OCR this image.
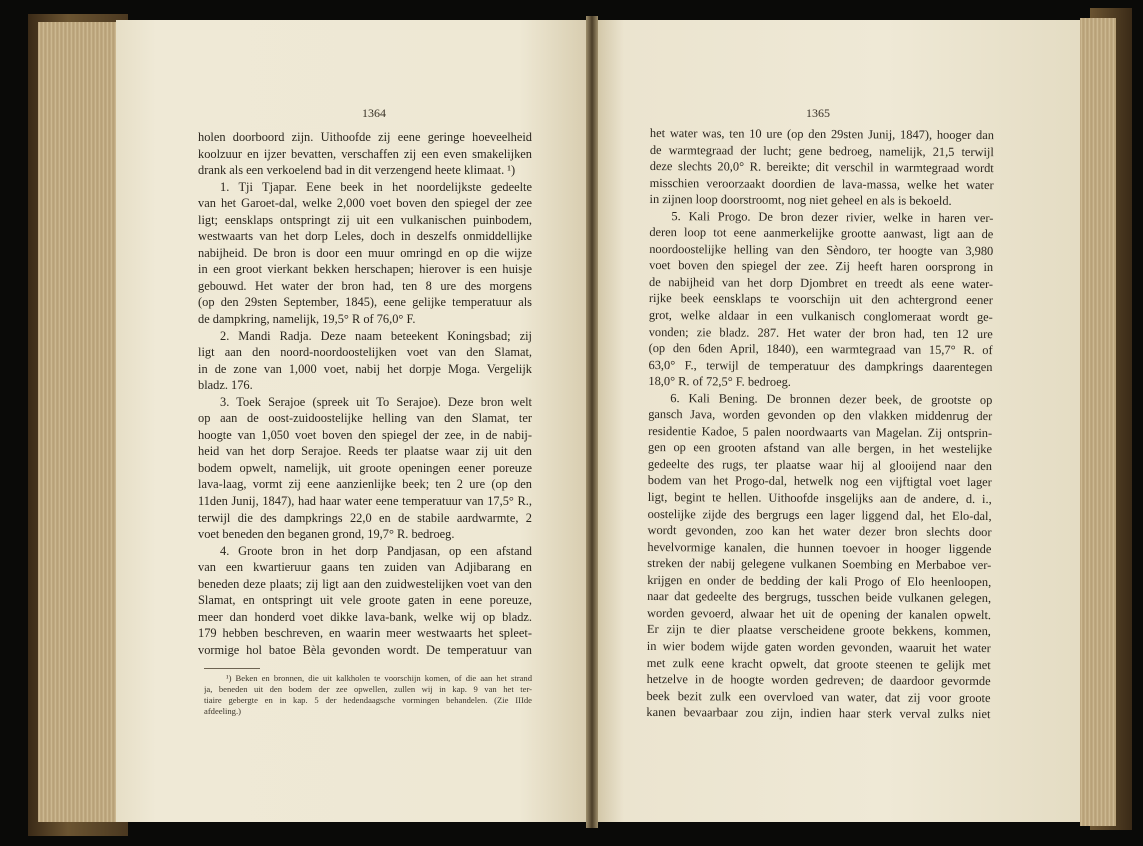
1364	1365

holen doorboord zijn. Uithoofde zij eene geringe hoeveelheid

koolzuur en ijzer bevatten, verschaffen zij een even smakelijken

drank als een verkoelend bad in dit verzengend heete klimaat. ¹)

1. Tji Tjapar. Eene beek in het noordelijkste gedeelte

van het Garoet-dal, welke 2,000 voet boven den spiegel der zee

ligt; eensklaps ontspringt zij uit een vulkanischen puinbodem,

westwaarts van het dorp Leles, doch in deszelfs onmiddellijke

nabijheid. De bron is door een muur omringd en op die wijze

in een groot vierkant bekken herschapen; hierover is een huisje

gebouwd. Het water der bron had, ten 8 ure des morgens

(op den 29sten September, 1845), eene gelijke temperatuur als

de dampkring, namelijk, 19,5° R of 76,0° F.

2. Mandi Radja. Deze naam beteekent Koningsbad; zij

ligt aan den noord-noordoostelijken voet van den Slamat,

in de zone van 1,000 voet, nabij het dorpje Moga. Vergelijk

bladz. 176.

3. Toek Serajoe (spreek uit To Serajoe). Deze bron welt

op aan de oost-zuidoostelijke helling van den Slamat, ter

hoogte van 1,050 voet boven den spiegel der zee, in de nabij-

heid van het dorp Serajoe. Reeds ter plaatse waar zij uit den

bodem opwelt, namelijk, uit groote openingen eener poreuze

lava-laag, vormt zij eene aanzienlijke beek; ten 2 ure (op den

11den Junij, 1847), had haar water eene temperatuur van 17,5° R.,

terwijl die des dampkrings 22,0 en de stabile aardwarmte, 2

voet beneden den beganen grond, 19,7° R. bedroeg.

4. Groote bron in het dorp Pandjasan, op een afstand

van een kwartieruur gaans ten zuiden van Adjibarang en

beneden deze plaats; zij ligt aan den zuidwestelijken voet van den

Slamat, en ontspringt uit vele groote gaten in eene poreuze,

meer dan honderd voet dikke lava-bank, welke wij op bladz.

179 hebben beschreven, en waarin meer westwaarts het spleet-

vormige hol batoe Bèla gevonden wordt. De temperatuur van

¹) Beken en bronnen, die uit kalkholen te voorschijn komen, of die aan het strand

ja, beneden uit den bodem der zee opwellen, zullen wij in kap. 9 van het ter-

tiaire gebergte en in kap. 5 der hedendaagsche vormingen behandelen. (Zie IIIde

afdeeling.)

het water was, ten 10 ure (op den 29sten Junij, 1847), hooger dan

de warmtegraad der lucht; gene bedroeg, namelijk, 21,5 terwijl

deze slechts 20,0° R. bereikte; dit verschil in warmtegraad wordt

misschien veroorzaakt doordien de lava-massa, welke het water

in zijnen loop doorstroomt, nog niet geheel en als is bekoeld.

5. Kali Progo. De bron dezer rivier, welke in haren ver-

deren loop tot eene aanmerkelijke grootte aanwast, ligt aan de

noordoostelijke helling van den Sèndoro, ter hoogte van 3,980

voet boven den spiegel der zee. Zij heeft haren oorsprong in

de nabijheid van het dorp Djombret en treedt als eene water-

rijke beek eensklaps te voorschijn uit den achtergrond eener

grot, welke aldaar in een vulkanisch conglomeraat wordt ge-

vonden; zie bladz. 287. Het water der bron had, ten 12 ure

(op den 6den April, 1840), een warmtegraad van 15,7° R. of

63,0° F., terwijl de temperatuur des dampkrings daarentegen

18,0° R. of 72,5° F. bedroeg.

6. Kali Bening. De bronnen dezer beek, de grootste op

gansch Java, worden gevonden op den vlakken middenrug der

residentie Kadoe, 5 palen noordwaarts van Magelan. Zij ontsprin-

gen op een grooten afstand van alle bergen, in het westelijke

gedeelte des rugs, ter plaatse waar hij al glooijend naar den

bodem van het Progo-dal, hetwelk nog een vijftigtal voet lager

ligt, begint te hellen. Uithoofde insgelijks aan de andere, d. i.,

oostelijke zijde des bergrugs een lager liggend dal, het Elo-dal,

wordt gevonden, zoo kan het water dezer bron slechts door

hevelvormige kanalen, die hunnen toevoer in hooger liggende

streken der nabij gelegene vulkanen Soembing en Merbaboe ver-

krijgen en onder de bedding der kali Progo of Elo heenloopen,

naar dat gedeelte des bergrugs, tusschen beide vulkanen gelegen,

worden gevoerd, alwaar het uit de opening der kanalen opwelt.

Er zijn te dier plaatse verscheidene groote bekkens, kommen,

in wier bodem wijde gaten worden gevonden, waaruit het water

met zulk eene kracht opwelt, dat groote steenen te gelijk met

hetzelve in de hoogte worden gedreven; de daardoor gevormde

beek bezit zulk een overvloed van water, dat zij voor groote

kanen bevaarbaar zou zijn, indien haar sterk verval zulks niet
